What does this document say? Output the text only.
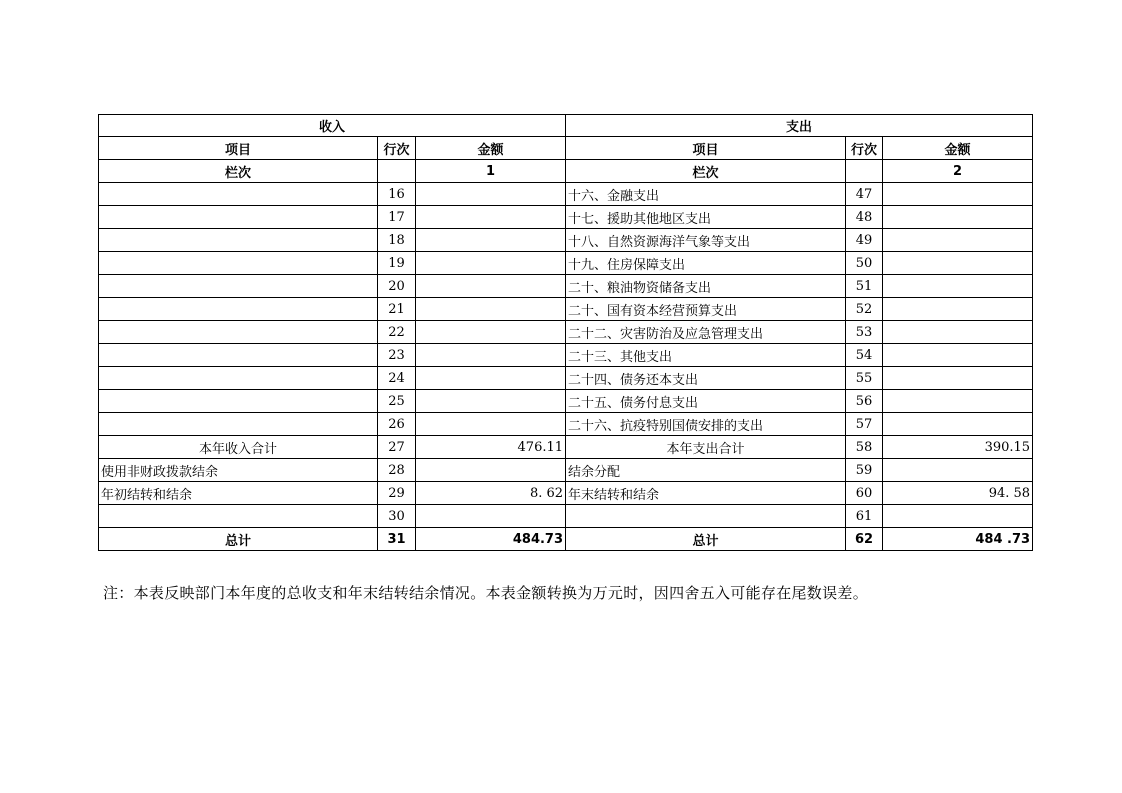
收入			支出		
项目	行次	金额	项目	行次	金额
栏次		1	栏次		2
	16		十六、金融支出	47	
	17		十七、援助其他地区支出	48	
	18		十八、自然资源海洋气象等支出	49	
	19		十九、住房保障支出	50	
	20		二十、粮油物资储备支出	51	
	21		二十、国有资本经营预算支出	52	
	22		二十二、灾害防治及应急管理支出	53	
	23		二十三、其他支出	54	
	24		二十四、债务还本支出	55	
	25		二十五、债务付息支出	56	
	26		二十六、抗疫特别国债安排的支出	57	
本年收入合计	27	476.11	本年支出合计	58	390.15
使用非财政拨款结余	28		结余分配	59	
年初结转和结余	29	8. 62	年末结转和结余	60	94. 58
	30			61	
总计	31	484.73	总计	62	484 .73
注：本表反映部门本年度的总收支和年末结转结余情况。本表金额转换为万元时，因四舍五入可能存在尾数误差。
